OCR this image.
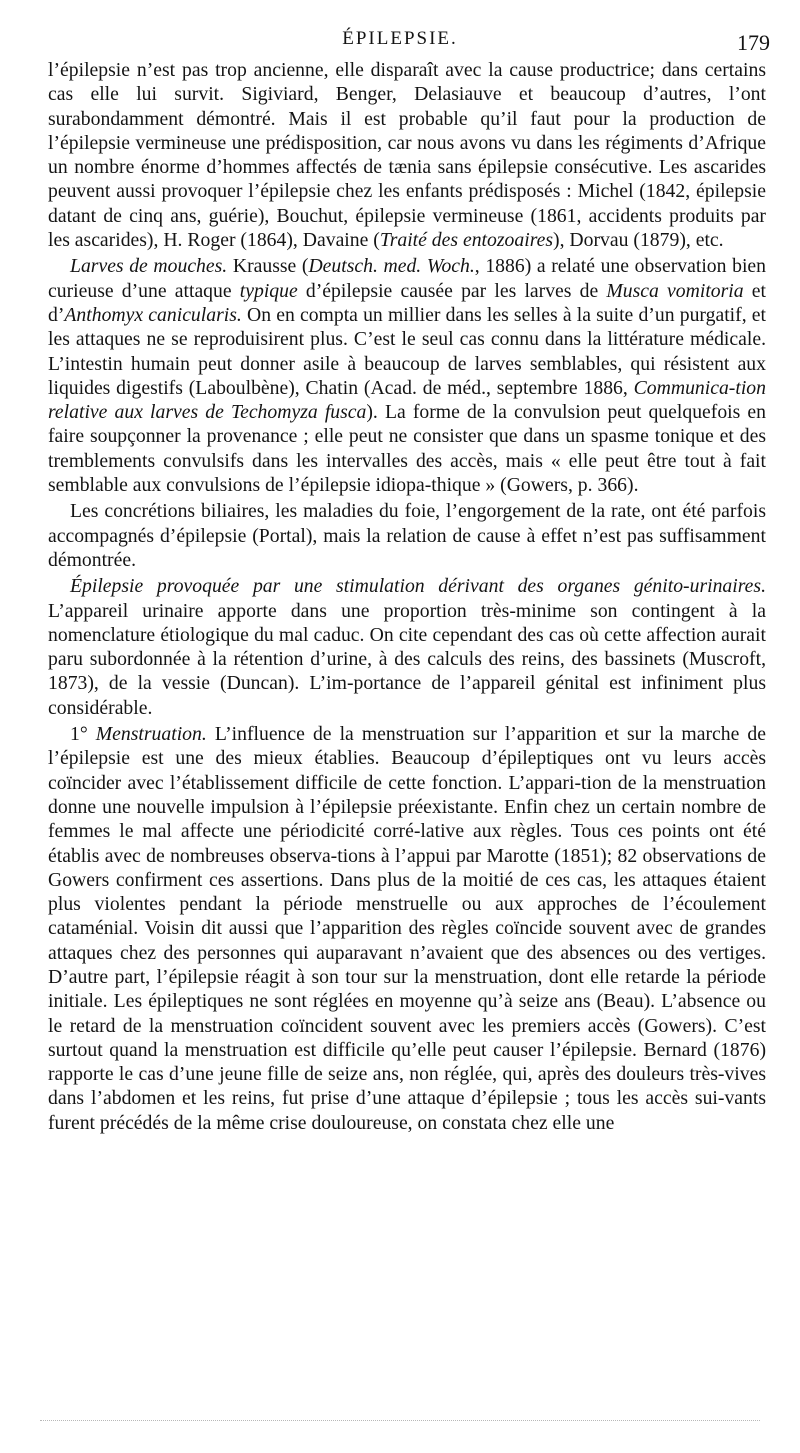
ÉPILEPSIE.	179

l’épilepsie n’est pas trop ancienne, elle disparaît avec la cause productrice; dans certains cas elle lui survit. Sigiviard, Benger, Delasiauve et beaucoup d’autres, l’ont surabondamment démontré. Mais il est probable qu’il faut pour la production de l’épilepsie vermineuse une prédisposition, car nous avons vu dans les régiments d’Afrique un nombre énorme d’hommes affectés de tænia sans épilepsie consécutive. Les ascarides peuvent aussi provoquer l’épilepsie chez les enfants prédisposés : Michel (1842, épilepsie datant de cinq ans, guérie), Bouchut, épilepsie vermineuse (1861, accidents produits par les ascarides), H. Roger (1864), Davaine (Traité des entozoaires), Dorvau (1879), etc.

Larves de mouches. Krausse (Deutsch. med. Woch., 1886) a relaté une observation bien curieuse d’une attaque typique d’épilepsie causée par les larves de Musca vomitoria et d’Anthomyx canicularis. On en compta un millier dans les selles à la suite d’un purgatif, et les attaques ne se reproduisirent plus. C’est le seul cas connu dans la littérature médicale. L’intestin humain peut donner asile à beaucoup de larves semblables, qui résistent aux liquides digestifs (Laboulbène), Chatin (Acad. de méd., septembre 1886, Communica-tion relative aux larves de Techomyza fusca). La forme de la convulsion peut quelquefois en faire soupçonner la provenance ; elle peut ne consister que dans un spasme tonique et des tremblements convulsifs dans les intervalles des accès, mais « elle peut être tout à fait semblable aux convulsions de l’épilepsie idiopa-thique » (Gowers, p. 366).

Les concrétions biliaires, les maladies du foie, l’engorgement de la rate, ont été parfois accompagnés d’épilepsie (Portal), mais la relation de cause à effet n’est pas suffisamment démontrée.

Épilepsie provoquée par une stimulation dérivant des organes génito-urinaires. L’appareil urinaire apporte dans une proportion très-minime son contingent à la nomenclature étiologique du mal caduc. On cite cependant des cas où cette affection aurait paru subordonnée à la rétention d’urine, à des calculs des reins, des bassinets (Muscroft, 1873), de la vessie (Duncan). L’im-portance de l’appareil génital est infiniment plus considérable.

1° Menstruation. L’influence de la menstruation sur l’apparition et sur la marche de l’épilepsie est une des mieux établies. Beaucoup d’épileptiques ont vu leurs accès coïncider avec l’établissement difficile de cette fonction. L’appari-tion de la menstruation donne une nouvelle impulsion à l’épilepsie préexistante. Enfin chez un certain nombre de femmes le mal affecte une périodicité corré-lative aux règles. Tous ces points ont été établis avec de nombreuses observa-tions à l’appui par Marotte (1851); 82 observations de Gowers confirment ces assertions. Dans plus de la moitié de ces cas, les attaques étaient plus violentes pendant la période menstruelle ou aux approches de l’écoulement cataménial. Voisin dit aussi que l’apparition des règles coïncide souvent avec de grandes attaques chez des personnes qui auparavant n’avaient que des absences ou des vertiges. D’autre part, l’épilepsie réagit à son tour sur la menstruation, dont elle retarde la période initiale. Les épileptiques ne sont réglées en moyenne qu’à seize ans (Beau). L’absence ou le retard de la menstruation coïncident souvent avec les premiers accès (Gowers). C’est surtout quand la menstruation est difficile qu’elle peut causer l’épilepsie. Bernard (1876) rapporte le cas d’une jeune fille de seize ans, non réglée, qui, après des douleurs très-vives dans l’abdomen et les reins, fut prise d’une attaque d’épilepsie ; tous les accès sui-vants furent précédés de la même crise douloureuse, on constata chez elle une
